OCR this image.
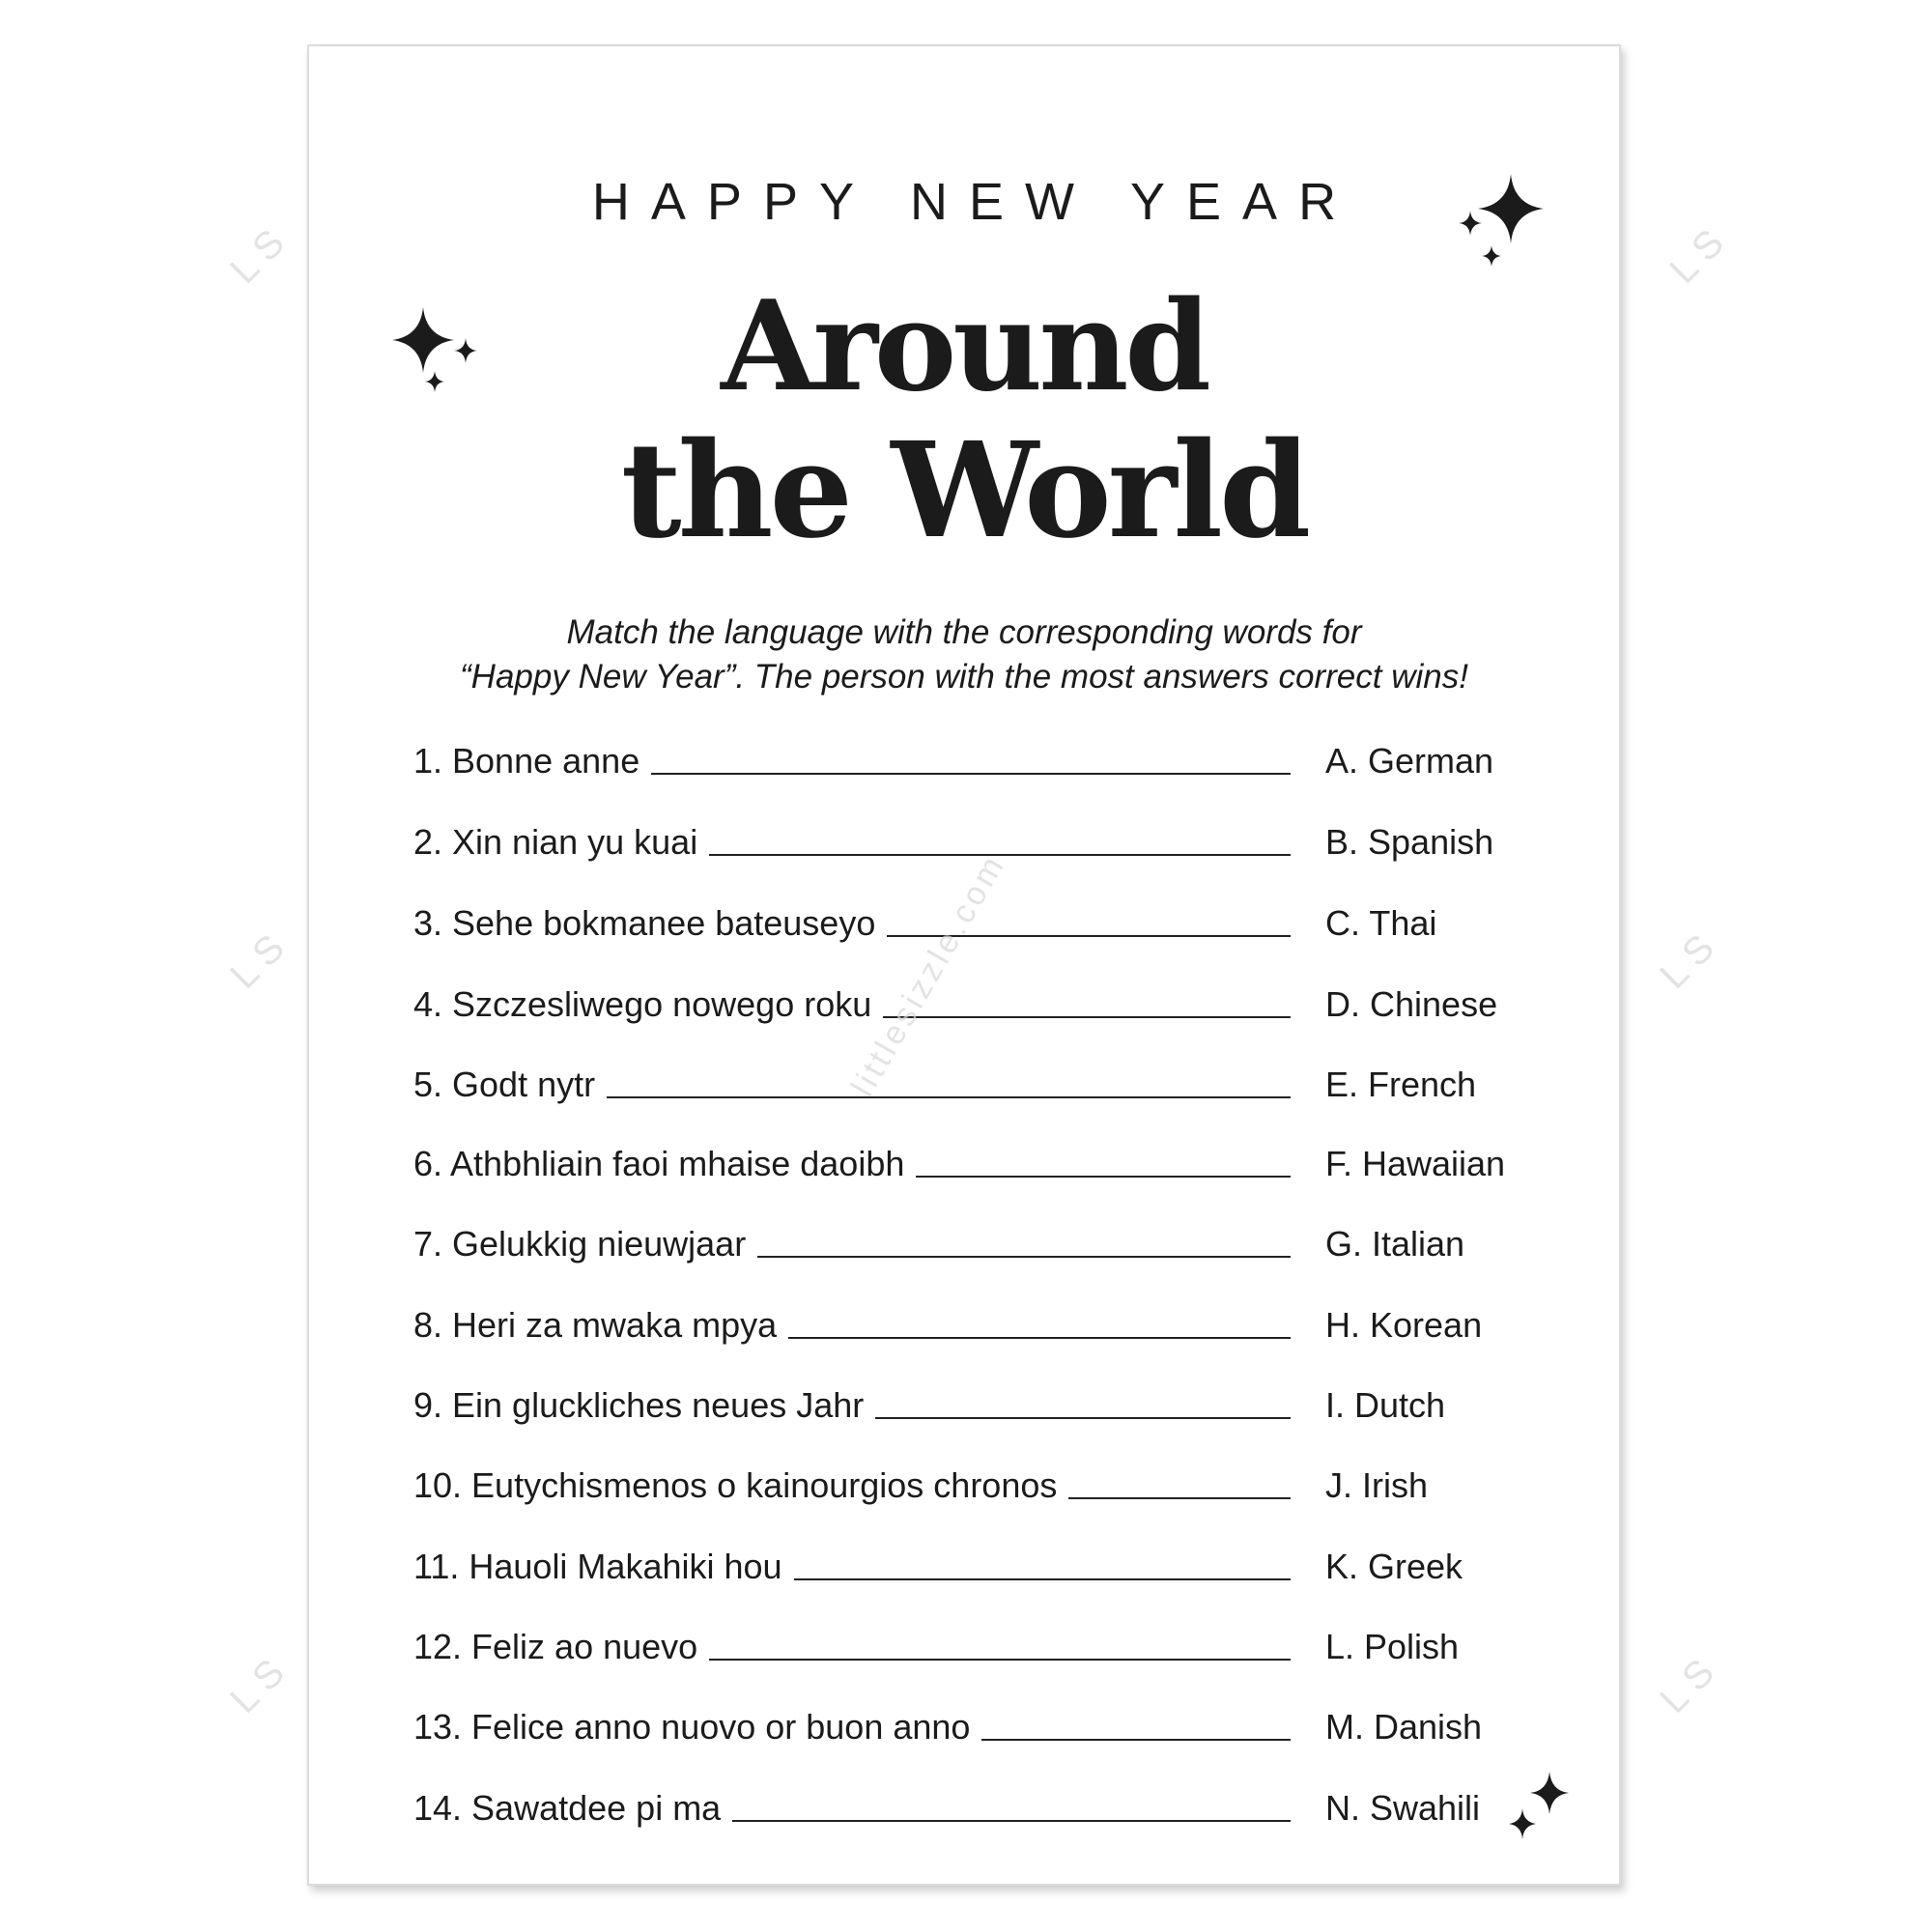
HAPPY NEW YEAR
Around
the World
Match the language with the corresponding words for
“Happy New Year”. The person with the most answers correct wins!
1. Bonne anne	A. German
2. Xin nian yu kuai	B. Spanish
3. Sehe bokmanee bateuseyo	C. Thai
4. Szczesliwego nowego roku	D. Chinese
5. Godt nytr	E. French
6. Athbhliain faoi mhaise daoibh	F. Hawaiian
7. Gelukkig nieuwjaar	G. Italian
8. Heri za mwaka mpya	H. Korean
9. Ein gluckliches neues Jahr	I. Dutch
10. Eutychismenos o kainourgios chronos	J. Irish
11. Hauoli Makahiki hou	K. Greek
12. Feliz ao nuevo	L. Polish
13. Felice anno nuovo or buon anno	M. Danish
14. Sawatdee pi ma	N. Swahili
LS	LS
LS	LS
LS	LS
littlesizzle.com
